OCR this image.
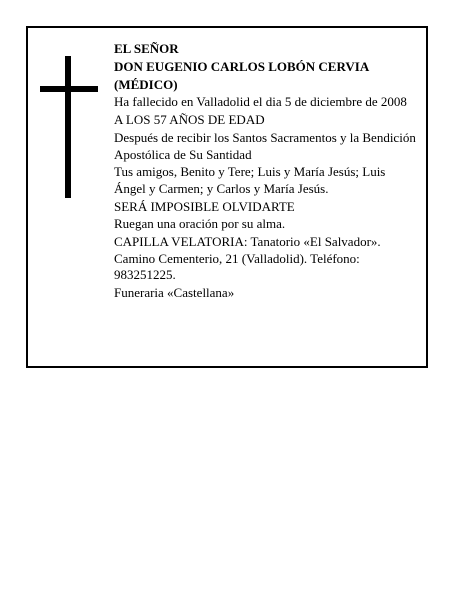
EL SEÑOR

DON EUGENIO CARLOS LOBÓN CERVIA

(MÉDICO)

Ha fallecido en Valladolid el dia 5 de diciembre de 2008

A LOS 57 AÑOS DE EDAD

Después de recibir los Santos Sacramentos y la Bendición Apostólica de Su Santidad

Tus amigos, Benito y Tere; Luis y María Jesús; Luis Ángel y Carmen; y Carlos y María Jesús.

SERÁ IMPOSIBLE OLVIDARTE

Ruegan una oración por su alma.

CAPILLA VELATORIA: Tanatorio «El Salvador». Camino Cementerio, 21 (Valladolid). Teléfono: 983251225.

Funeraria «Castellana»
